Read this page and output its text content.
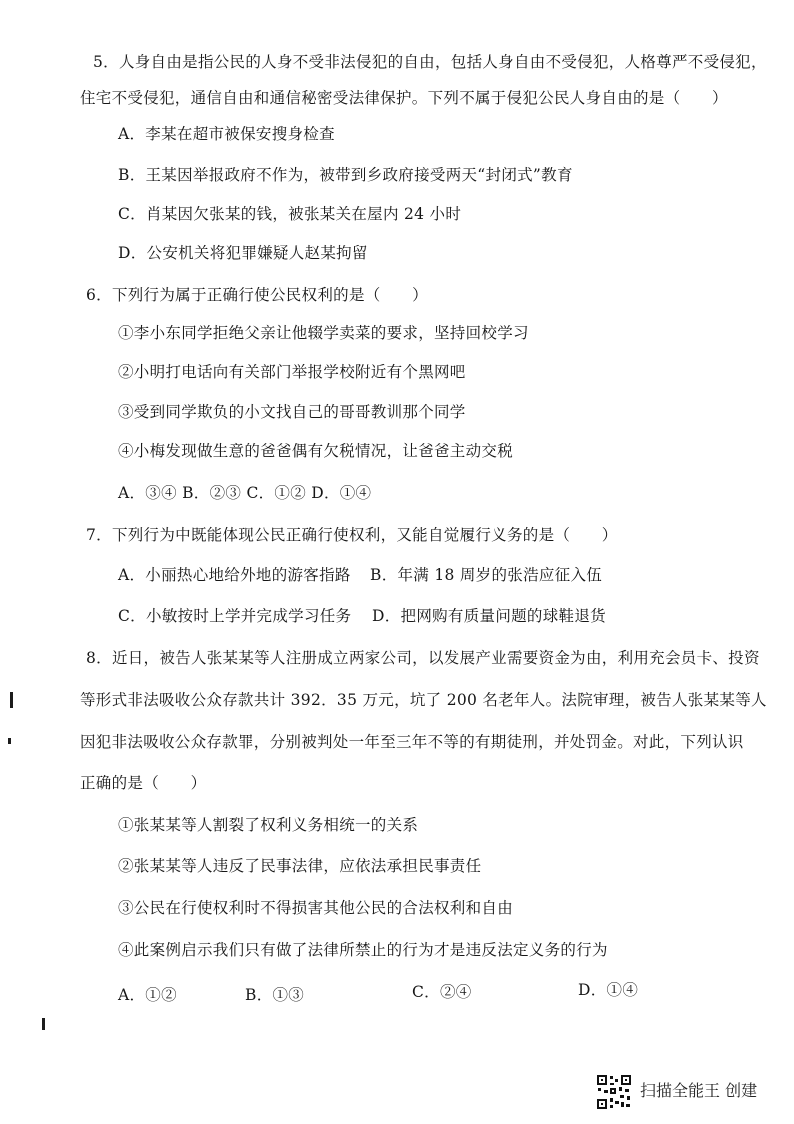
5．人身自由是指公民的人身不受非法侵犯的自由，包括人身自由不受侵犯，人格尊严不受侵犯，
住宅不受侵犯，通信自由和通信秘密受法律保护。下列不属于侵犯公民人身自由的是（　　）
A．李某在超市被保安搜身检查
B．王某因举报政府不作为，被带到乡政府接受两天“封闭式”教育
C．肖某因欠张某的钱，被张某关在屋内 24 小时
D．公安机关将犯罪嫌疑人赵某拘留
6．下列行为属于正确行使公民权利的是（　　）
①李小东同学拒绝父亲让他辍学卖菜的要求，坚持回校学习
②小明打电话向有关部门举报学校附近有个黑网吧
③受到同学欺负的小文找自己的哥哥教训那个同学
④小梅发现做生意的爸爸偶有欠税情况，让爸爸主动交税
A．③④ B．②③ C．①② D．①④
7．下列行为中既能体现公民正确行使权利，又能自觉履行义务的是（　　）
A．小丽热心地给外地的游客指路 B．年满 18 周岁的张浩应征入伍
C．小敏按时上学并完成学习任务 D．把网购有质量问题的球鞋退货
8．近日，被告人张某某等人注册成立两家公司，以发展产业需要资金为由，利用充会员卡、投资
等形式非法吸收公众存款共计 392．35 万元，坑了 200 名老年人。法院审理，被告人张某某等人
因犯非法吸收公众存款罪，分别被判处一年至三年不等的有期徒刑，并处罚金。对此，下列认识
正确的是（　　）
①张某某等人割裂了权利义务相统一的关系
②张某某等人违反了民事法律，应依法承担民事责任
③公民在行使权利时不得损害其他公民的合法权利和自由
④此案例启示我们只有做了法律所禁止的行为才是违反法定义务的行为
A．①②	B．①③	C．②④	D．①④
扫描全能王 创建
